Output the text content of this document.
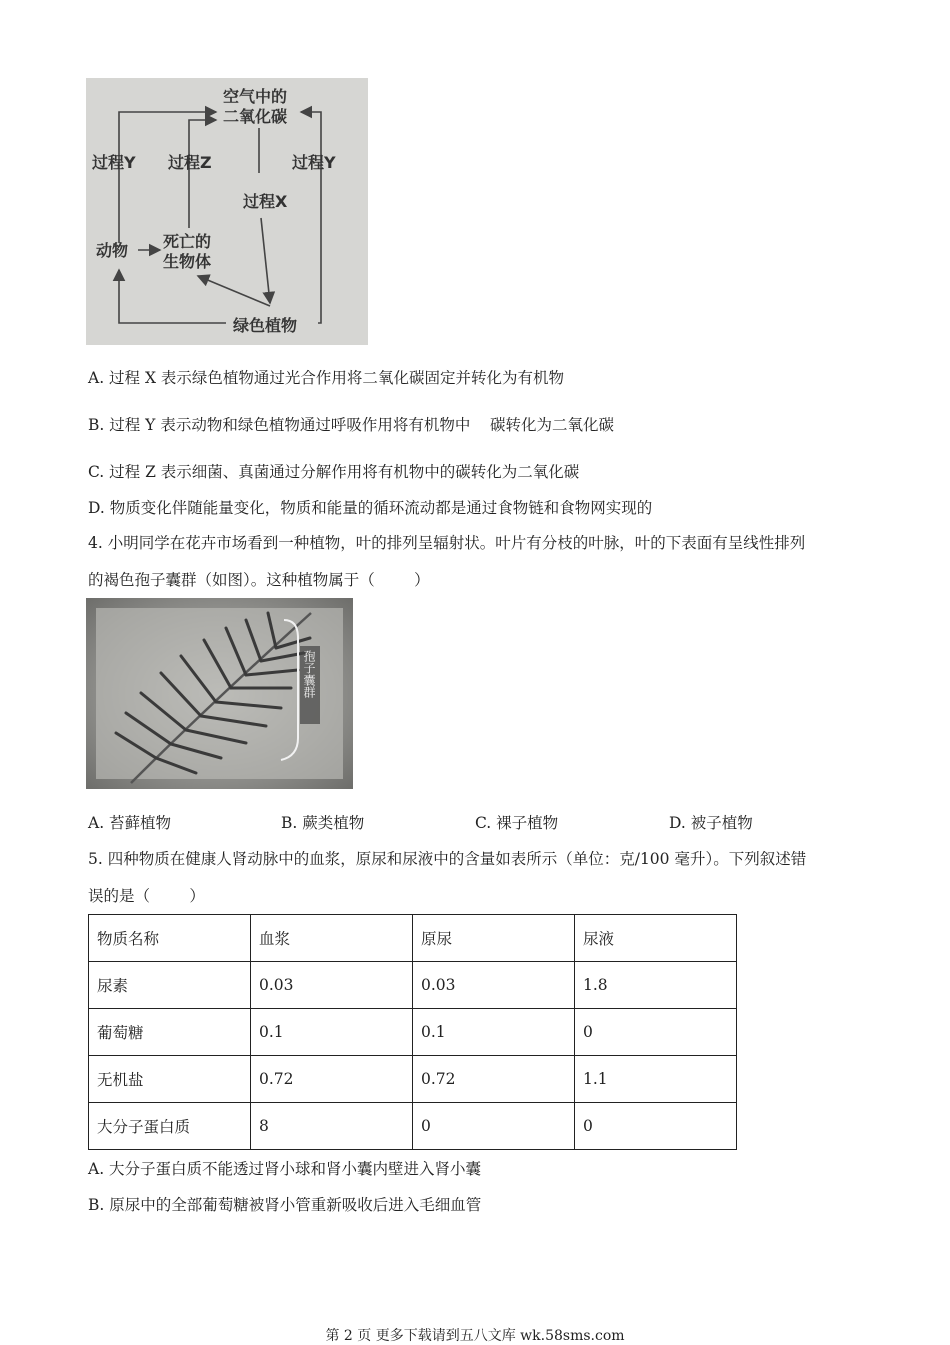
空气中的
二氧化碳
过程Y 过程Z	过程Y
过程X
动物 死亡的
生物体
绿色植物
A. 过程 X 表示绿色植物通过光合作用将二氧化碳固定并转化为有机物
B. 过程 Y 表示动物和绿色植物通过呼吸作用将有机物中    碳转化为二氧化碳
C. 过程 Z 表示细菌、真菌通过分解作用将有机物中的碳转化为二氧化碳
D. 物质变化伴随能量变化，物质和能量的循环流动都是通过食物链和食物网实现的
4. 小明同学在花卉市场看到一种植物，叶的排列呈辐射状。叶片有分枝的叶脉，叶的下表面有呈线性排列
的褐色孢子囊群（如图）。这种植物属于（        ）
孢子囊群
A. 苔藓植物	B. 蕨类植物	C. 裸子植物	D. 被子植物
5. 四种物质在健康人肾动脉中的血浆，原尿和尿液中的含量如表所示（单位：克/100 毫升）。下列叙述错
误的是（        ）
物质名称	血浆	原尿	尿液
尿素	0.03	0.03	1.8
葡萄糖	0.1	0.1	0
无机盐	0.72	0.72	1.1
大分子蛋白质	8	0	0
A. 大分子蛋白质不能透过肾小球和肾小囊内壁进入肾小囊
B. 原尿中的全部葡萄糖被肾小管重新吸收后进入毛细血管
第 2 页 更多下载请到五八文库 wk.58sms.com
